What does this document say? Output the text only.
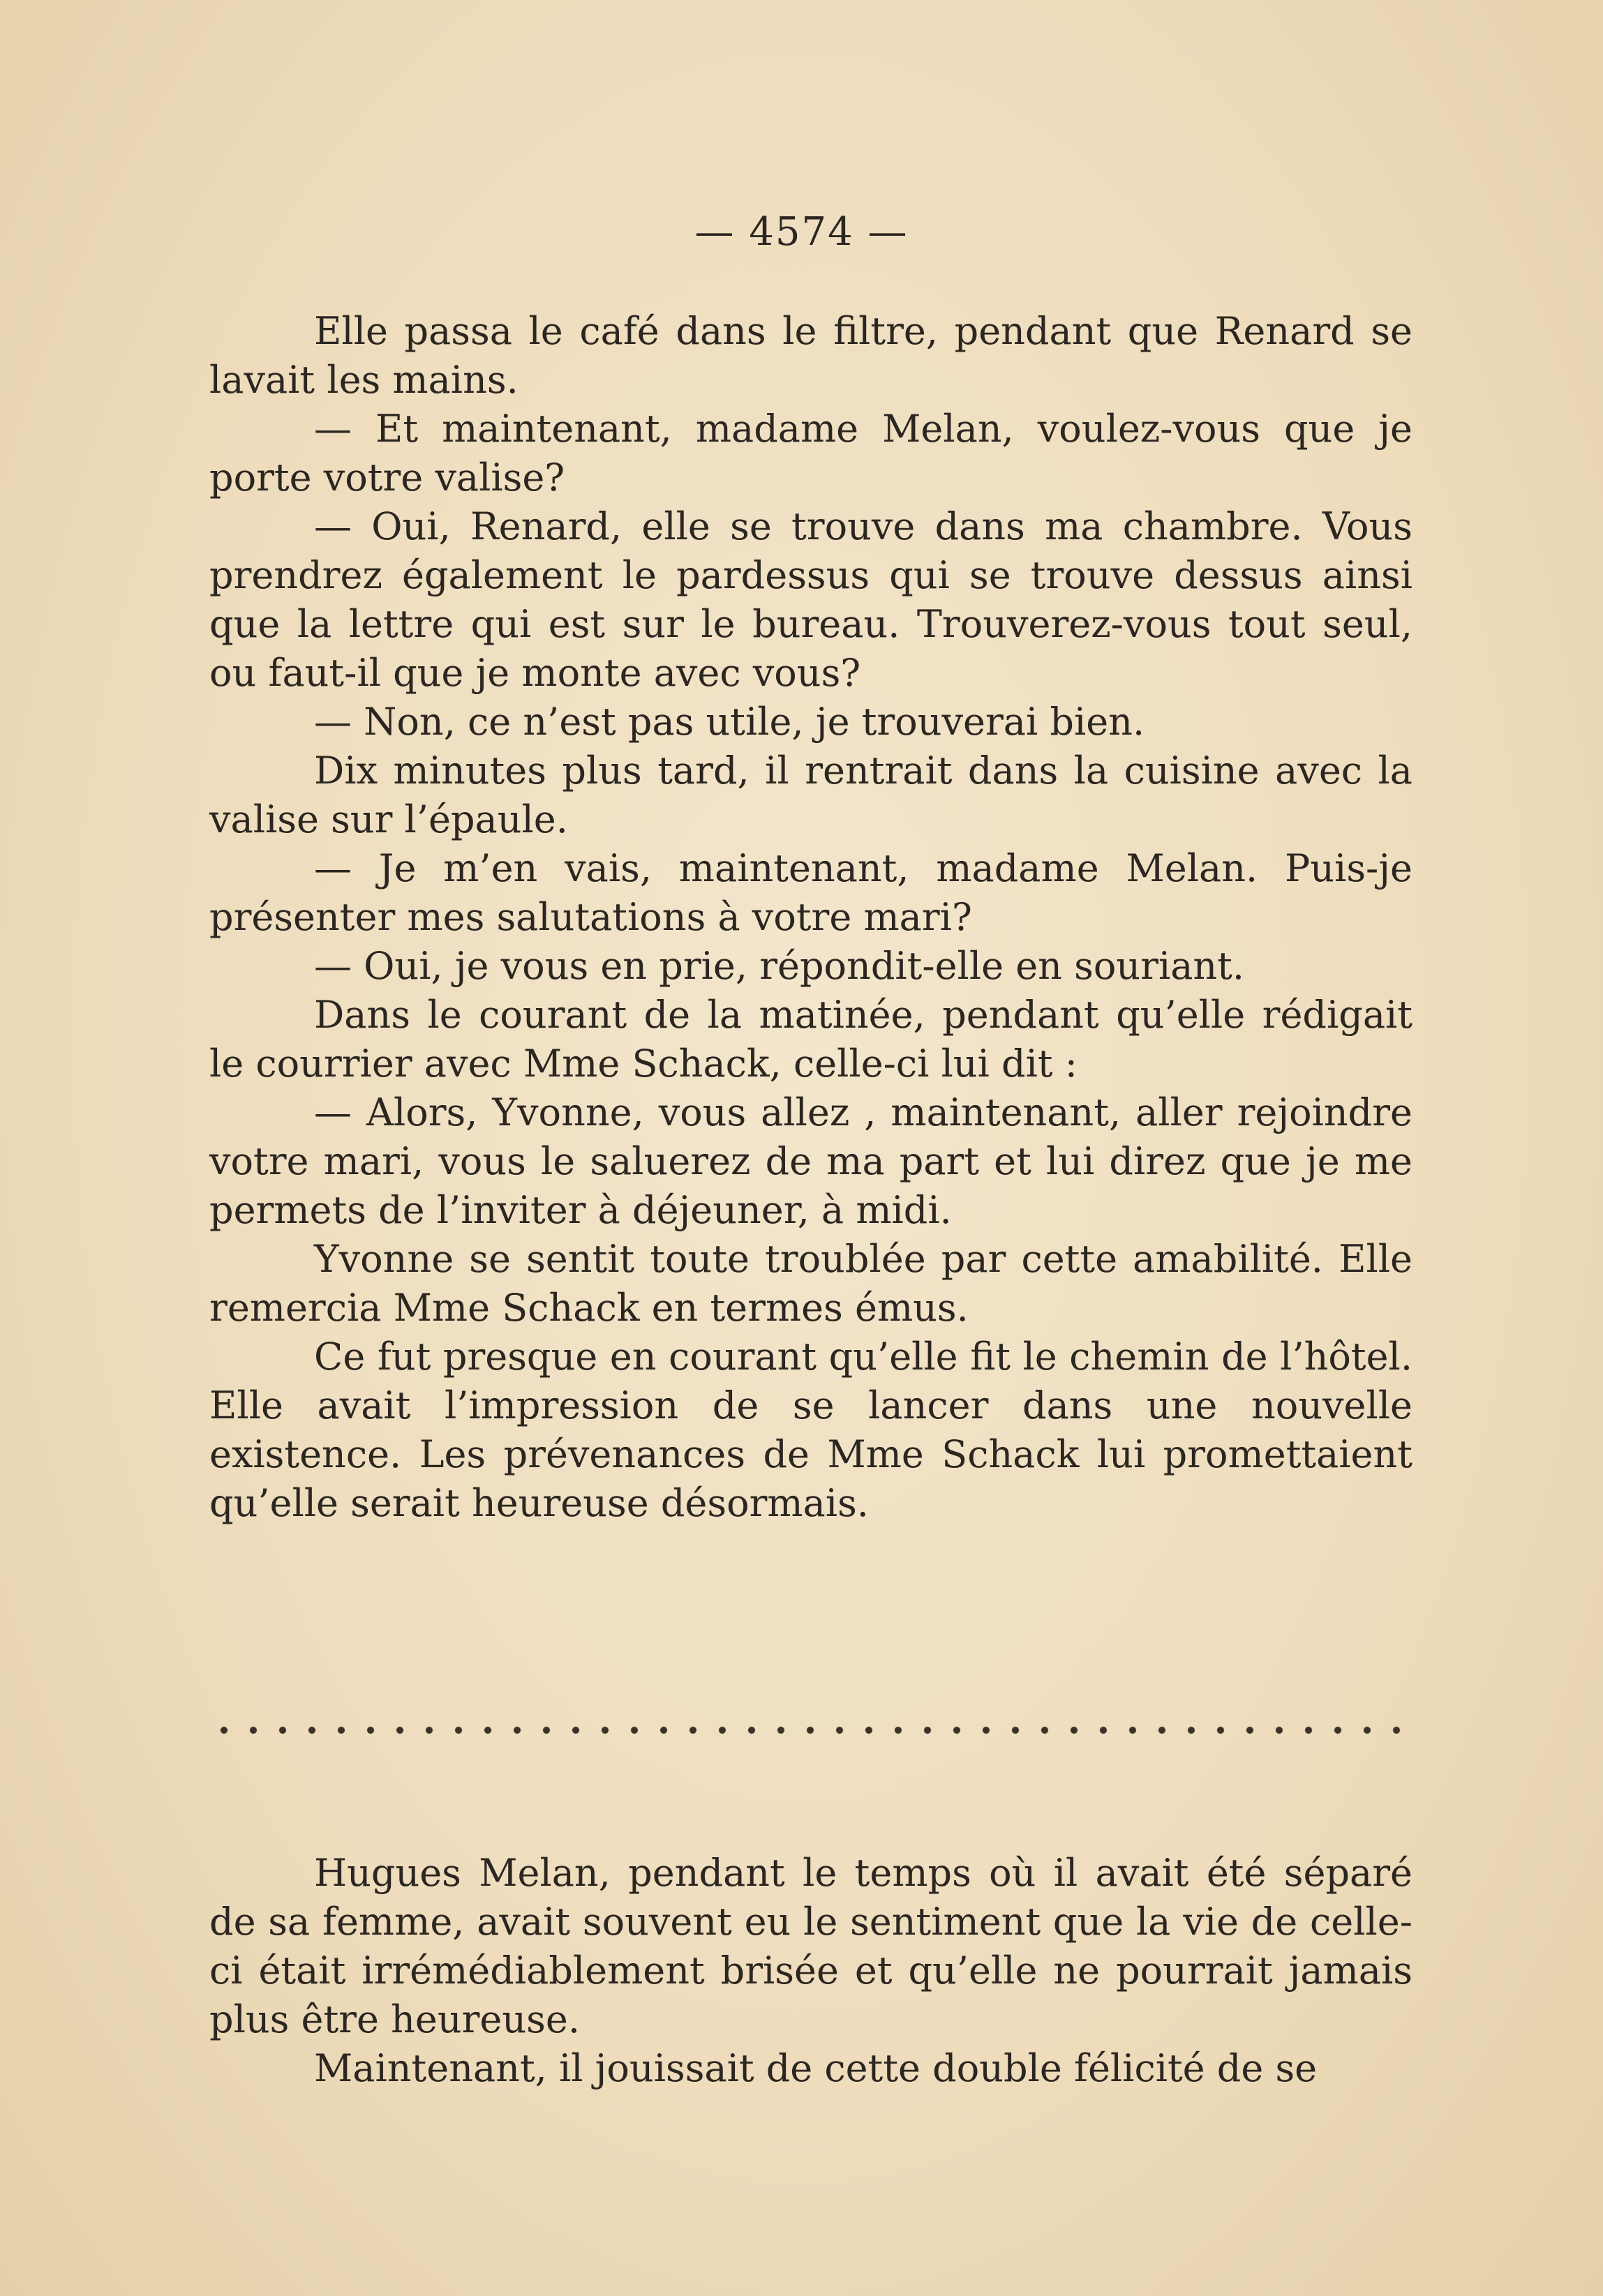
— 4574 —

Elle passa le café dans le filtre, pendant que Renard se lavait les mains.

— Et maintenant, madame Melan, voulez-vous que je porte votre valise?

— Oui, Renard, elle se trouve dans ma chambre. Vous prendrez également le pardessus qui se trouve dessus ainsi que la lettre qui est sur le bureau. Trouverez-vous tout seul, ou faut-il que je monte avec vous?

— Non, ce n’est pas utile, je trouverai bien.

Dix minutes plus tard, il rentrait dans la cuisine avec la valise sur l’épaule.

— Je m’en vais, maintenant, madame Melan. Puis-je présenter mes salutations à votre mari?

— Oui, je vous en prie, répondit-elle en souriant.

Dans le courant de la matinée, pendant qu’elle rédigait le courrier avec Mme Schack, celle-ci lui dit :

— Alors, Yvonne, vous allez , maintenant, aller rejoindre votre mari, vous le saluerez de ma part et lui direz que je me permets de l’inviter à déjeuner, à midi.

Yvonne se sentit toute troublée par cette amabilité. Elle remercia Mme Schack en termes émus.

Ce fut presque en courant qu’elle fit le chemin de l’hôtel. Elle avait l’impression de se lancer dans une nouvelle existence. Les prévenances de Mme Schack lui promettaient qu’elle serait heureuse désormais.

Hugues Melan, pendant le temps où il avait été séparé de sa femme, avait souvent eu le sentiment que la vie de celle-ci était irrémédiablement brisée et qu’elle ne pourrait jamais plus être heureuse.

Maintenant, il jouissait de cette double félicité de se
